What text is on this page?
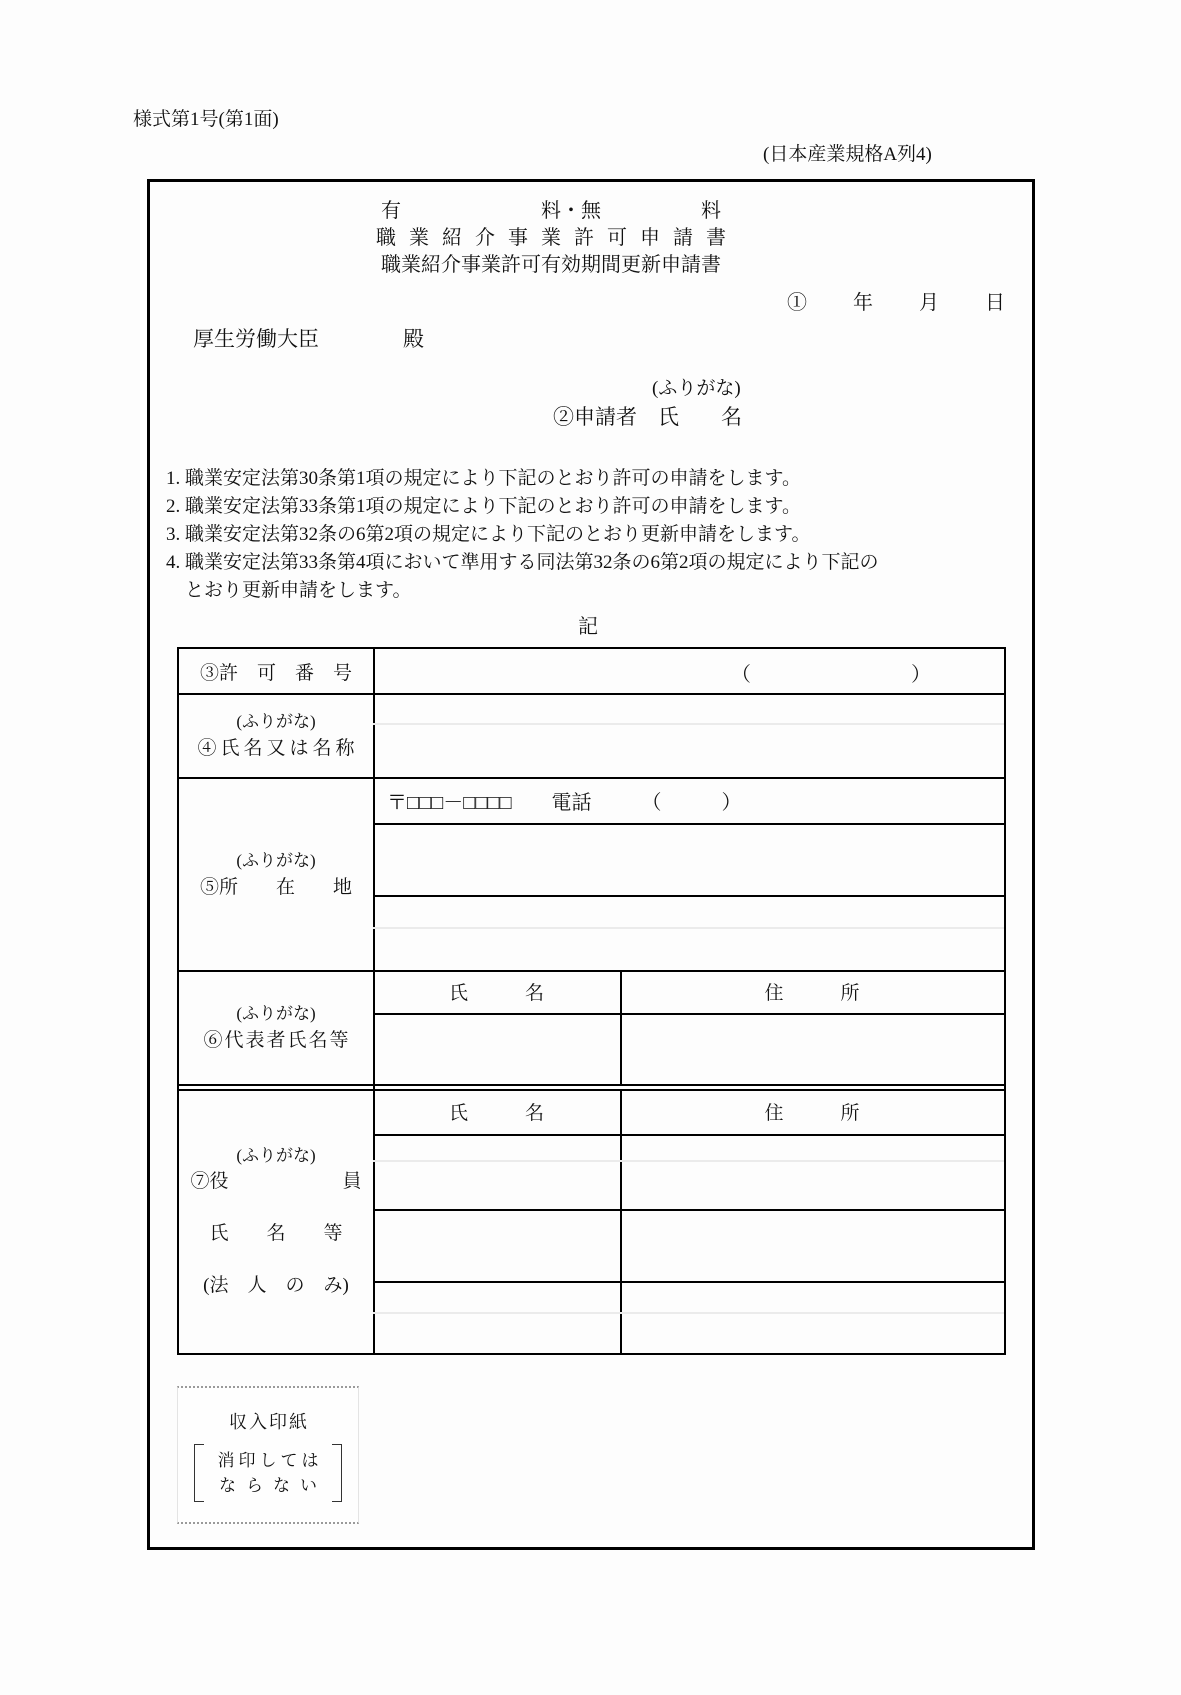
様式第1号(第1面)
(日本産業規格A列4)
有　　　　　　　料・無　　　　　料
職業紹介事業許可申請書
職業紹介事業許可有効期間更新申請書
①　　年　　月　　日
厚生労働大臣　　　　殿
(ふりがな)
②申請者　氏　　名
1. 職業安定法第30条第1項の規定により下記のとおり許可の申請をします。
2. 職業安定法第33条第1項の規定により下記のとおり許可の申請をします。
3. 職業安定法第32条の6第2項の規定により下記のとおり更新申請をします。
4. 職業安定法第33条第4項において準用する同法第32条の6第2項の規定により下記の
　とおり更新申請をします。
記
③許　可　番　号	（　　　　　　　　）
(ふりがな)
④氏名又は名称
(ふりがな)
⑤所　　在　　地
〒□□□－□□□□　　電話　　　（　　　）
(ふりがな)
⑥代表者氏名等
氏　　　名	住　　　所
(ふりがな)
⑦役　　　　　　員
氏　　名　　等
(法　人　の　み)
氏　　　名	住　　　所
収入印紙
消印しては
ならない
